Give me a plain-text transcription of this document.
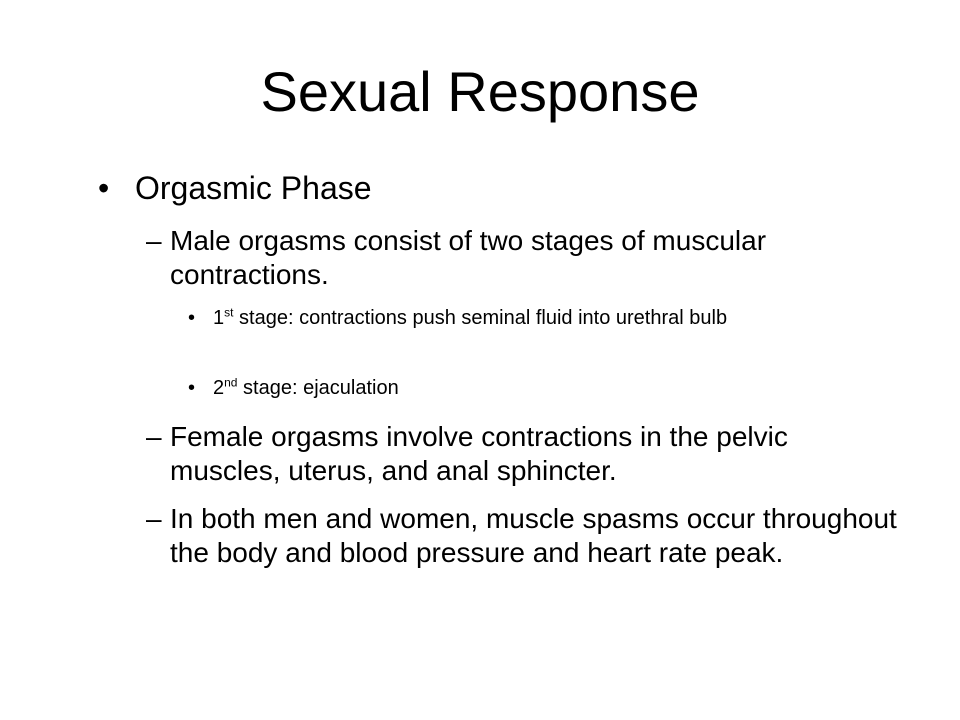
Sexual Response
• Orgasmic Phase
– Male orgasms consist of two stages of muscular contractions.
• 1st stage: contractions push seminal fluid into urethral bulb
• 2nd stage: ejaculation
– Female orgasms involve contractions in the pelvic muscles, uterus, and anal sphincter.
– In both men and women, muscle spasms occur throughout the body and blood pressure and heart rate peak.
